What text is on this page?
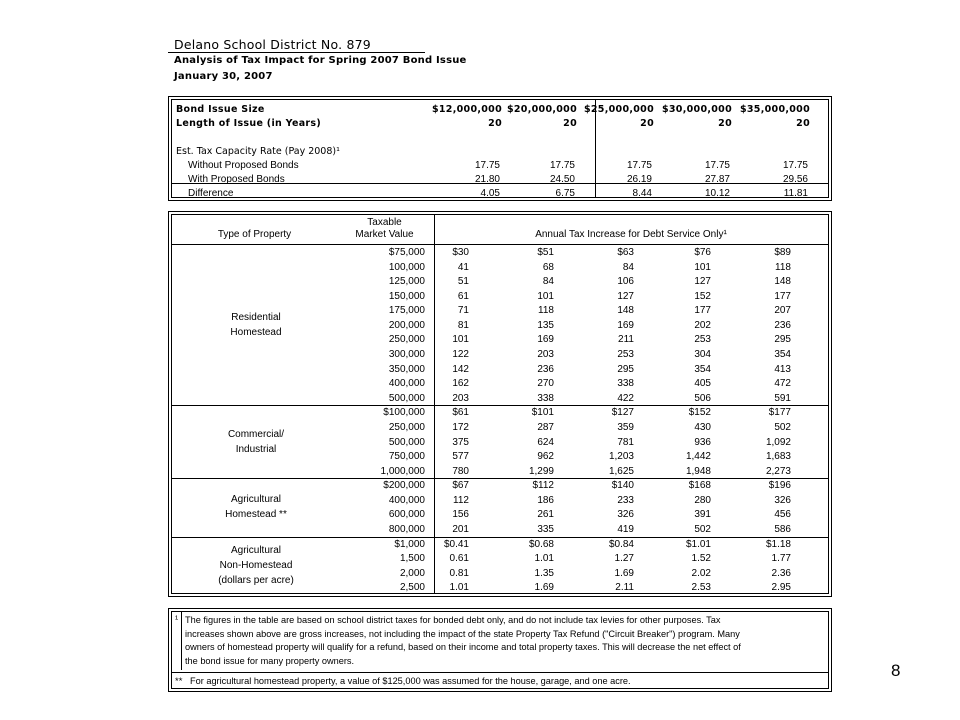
Delano School District No. 879
Analysis of Tax Impact for Spring 2007 Bond Issue
January 30, 2007
Bond Issue Size	$12,000,000 $20,000,000 $25,000,000 $30,000,000 $35,000,000
Length of Issue (in Years)	20	20	20	20	20
Est. Tax Capacity Rate (Pay 2008)¹
Without Proposed Bonds	17.75	17.75	17.75	17.75	17.75
With Proposed Bonds	21.80	24.50	26.19	27.87	29.56
Difference	4.05	6.75	8.44	10.12	11.81
Taxable
Market Value
Type of Property	Annual Tax Increase for Debt Service Only¹
$75,000	$30	$51	$63	$76	$89
100,000	41	68	84	101	118
125,000	51	84	106	127	148
150,000	61	101	127	152	177
175,000	71	118	148	177	207
200,000	81	135	169	202	236
250,000	101	169	211	253	295
300,000	122	203	253	304	354
350,000	142	236	295	354	413
400,000	162	270	338	405	472
500,000	203	338	422	506	591
Residential
Homestead
$100,000	$61	$101	$127	$152	$177
250,000	172	287	359	430	502
500,000	375	624	781	936	1,092
750,000	577	962	1,203	1,442	1,683
1,000,000	780	1,299	1,625	1,948	2,273
Commercial/
Industrial
$200,000	$67	$112	$140	$168	$196
400,000	112	186	233	280	326
600,000	156	261	326	391	456
800,000	201	335	419	502	586
Agricultural
Homestead **
$1,000	$0.41	$0.68	$0.84	$1.01	$1.18
1,500	0.61	1.01	1.27	1.52	1.77
2,000	0.81	1.35	1.69	2.02	2.36
2,500	1.01	1.69	2.11	2.53	2.95
Agricultural
Non-Homestead
(dollars per acre)
¹ The figures in the table are based on school district taxes for bonded debt only, and do not include tax levies for other purposes. Tax
increases shown above are gross increases, not including the impact of the state Property Tax Refund ("Circuit Breaker") program. Many
owners of homestead property will qualify for a refund, based on their income and total property taxes. This will decrease the net effect of
the bond issue for many property owners.
** For agricultural homestead property, a value of $125,000 was assumed for the house, garage, and one acre.
8
